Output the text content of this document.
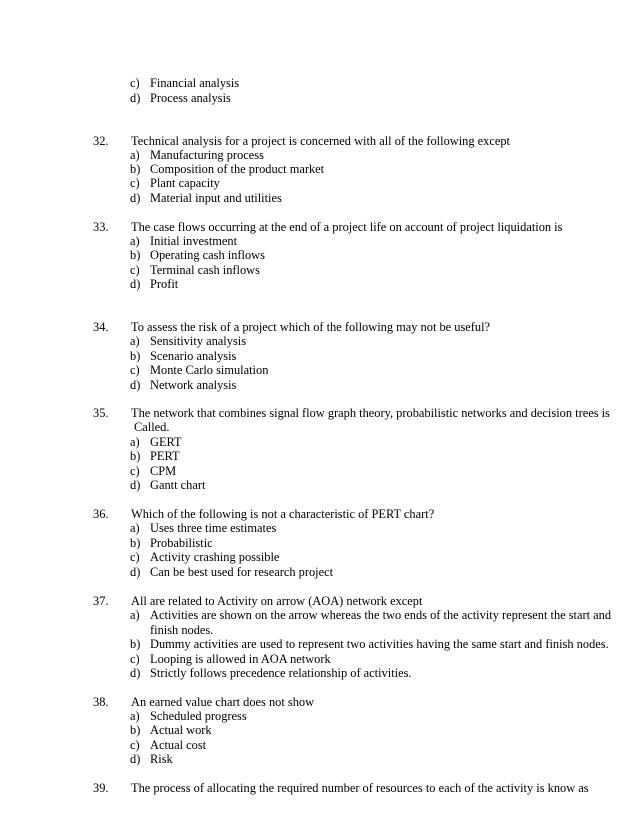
c) Financial analysis
d) Process analysis
32.	Technical analysis for a project is concerned with all of the following except
a) Manufacturing process
b) Composition of the product market
c) Plant capacity
d) Material input and utilities
33.	The case flows occurring at the end of a project life on account of project liquidation is
a) Initial investment
b) Operating cash inflows
c) Terminal cash inflows
d) Profit
34.	To assess the risk of a project which of the following may not be useful?
a) Sensitivity analysis
b) Scenario analysis
c) Monte Carlo simulation
d) Network analysis
35.	The network that combines signal flow graph theory, probabilistic networks and decision trees is
Called.
a) GERT
b) PERT
c) CPM
d) Gantt chart
36.	Which of the following is not a characteristic of PERT chart?
a) Uses three time estimates
b) Probabilistic
c) Activity crashing possible
d) Can be best used for research project
37.	All are related to Activity on arrow (AOA) network except
a) Activities are shown on the arrow whereas the two ends of the activity represent the start and
finish nodes.
b) Dummy activities are used to represent two activities having the same start and finish nodes.
c) Looping is allowed in AOA network
d) Strictly follows precedence relationship of activities.
38.	An earned value chart does not show
a) Scheduled progress
b) Actual work
c) Actual cost
d) Risk
39.	The process of allocating the required number of resources to each of the activity is know as
